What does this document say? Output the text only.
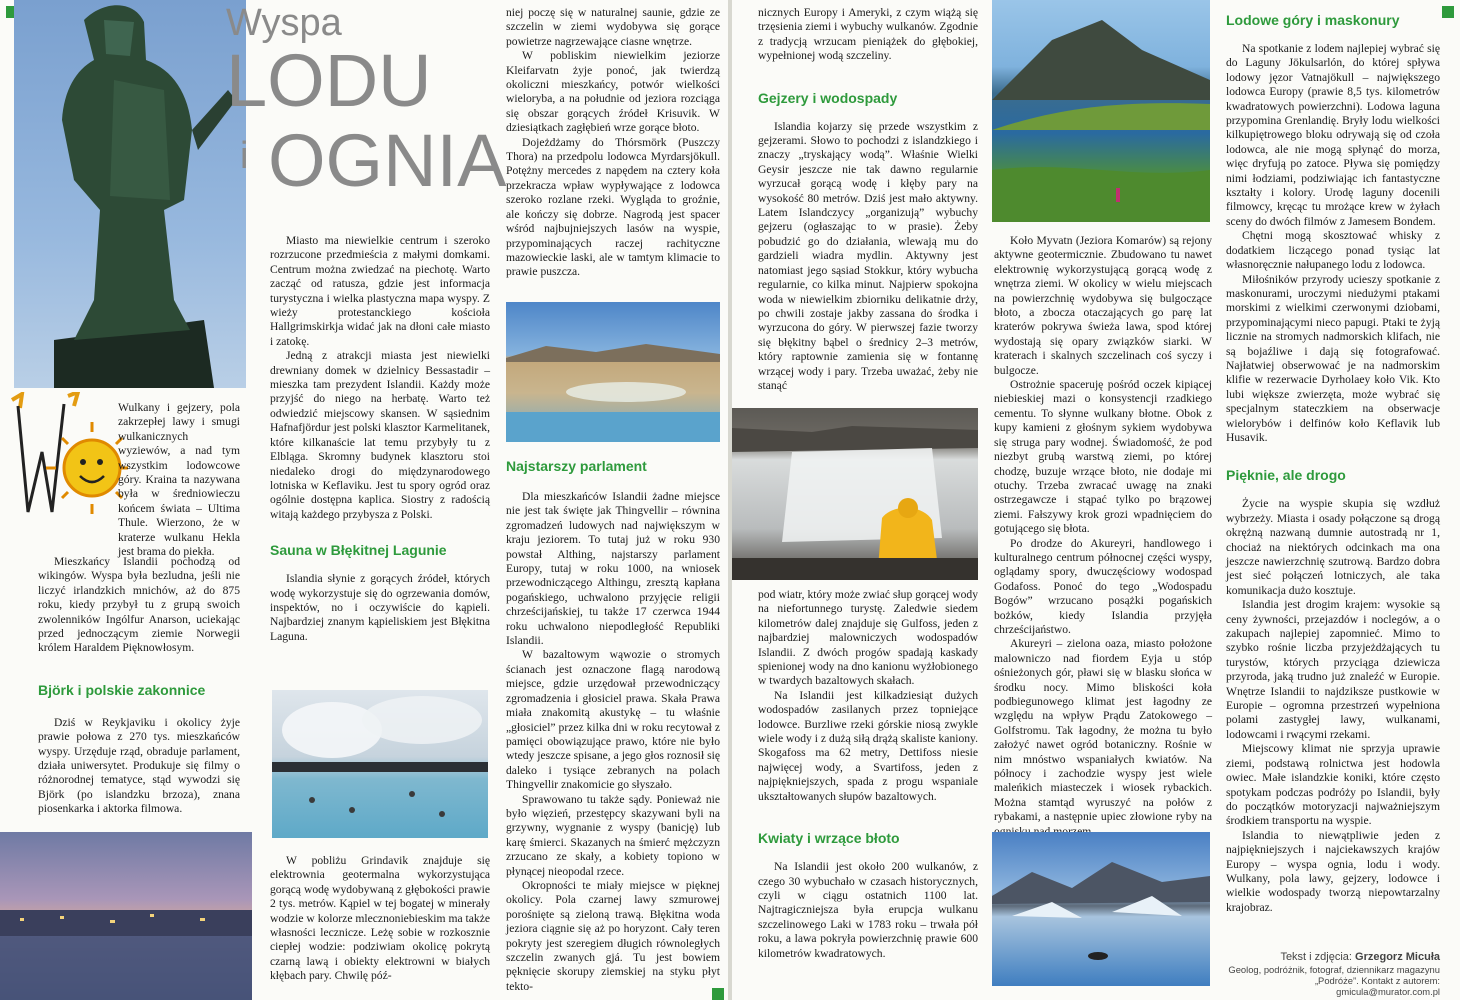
Wyspa
LODU
i OGNIA

Wulkany i gejzery, pola zakrzepłej lawy i smugi wulkanicznych wyziewów, a nad tym wszystkim lodowcowe góry. Kraina ta nazywana była w średniowieczu końcem świata – Ultima Thule. Wierzono, że w kraterze wulkanu Hekla jest brama do piekła.

Mieszkańcy Islandii pochodzą od wikingów. Wyspa była bezludna, jeśli nie liczyć irlandzkich mnichów, aż do 875 roku, kiedy przybył tu z grupą swoich zwolenników Ingólfur Anarson, uciekając przed jednoczącym ziemie Norwegii królem Haraldem Pięknowłosym.

Björk i polskie zakonnice

Dziś w Reykjaviku i okolicy żyje prawie połowa z 270 tys. mieszkańców wyspy. Urzęduje rząd, obraduje parlament, działa uniwersytet. Produkuje się filmy o różnorodnej tematyce, stąd wywodzi się Björk (po islandzku brzoza), znana piosenkarka i aktorka filmowa.

Miasto ma niewielkie centrum i szeroko rozrzucone przedmieścia z małymi domkami. Centrum można zwiedzać na piechotę. Warto zacząć od ratusza, gdzie jest informacja turystyczna i wielka plastyczna mapa wyspy. Z wieży protestanckiego kościoła Hallgrimskirkja widać jak na dłoni całe miasto i zatokę.

Jedną z atrakcji miasta jest niewielki drewniany domek w dzielnicy Bessastadir – mieszka tam prezydent Islandii. Każdy może przyjść do niego na herbatę. Warto też odwiedzić miejscowy skansen. W sąsiednim Hafnafjördur jest polski klasztor Karmelitanek, które kilkanaście lat temu przybyły tu z Elbląga. Skromny budynek klasztoru stoi niedaleko drogi do międzynarodowego lotniska w Keflaviku. Jest tu spory ogród oraz ogólnie dostępna kaplica. Siostry z radością witają każdego przybysza z Polski.

Sauna w Błękitnej Lagunie

Islandia słynie z gorących źródeł, których wodę wykorzystuje się do ogrzewania domów, inspektów, no i oczywiście do kąpieli. Najbardziej znanym kąpieliskiem jest Błękitna Laguna.

W pobliżu Grindavik znajduje się elektrownia geotermalna wykorzystująca gorącą wodę wydobywaną z głębokości prawie 2 tys. metrów. Kąpiel w tej bogatej w minerały wodzie w kolorze mlecznoniebieskim ma także własności lecznicze. Leżę sobie w rozkosznie ciepłej wodzie: podziwiam okolicę pokrytą czarną lawą i obiekty elektrowni w białych kłębach pary. Chwilę póź-

niej poczę się w naturalnej saunie, gdzie ze szczelin w ziemi wydobywa się gorące powietrze nagrzewające ciasne wnętrze.

W pobliskim niewielkim jeziorze Kleifarvatn żyje ponoć, jak twierdzą okoliczni mieszkańcy, potwór wielkości wieloryba, a na południe od jeziora rozciąga się obszar gorących źródeł Krisuvik. W dziesiątkach zagłębień wrze gorące błoto.

Dojeżdżamy do Thórsmörk (Puszczy Thora) na przedpolu lodowca Myrdarsjökull. Potężny mercedes z napędem na cztery koła przekracza wpław wypływające z lodowca szeroko rozlane rzeki. Wygląda to groźnie, ale kończy się dobrze. Nagrodą jest spacer wśród najbujniejszych lasów na wyspie, przypominających raczej rachityczne mazowieckie laski, ale w tamtym klimacie to prawie puszcza.

Najstarszy parlament

Dla mieszkańców Islandii żadne miejsce nie jest tak święte jak Thingvellir – równina zgromadzeń ludowych nad największym w kraju jeziorem. To tutaj już w roku 930 powstał Althing, najstarszy parlament Europy, tutaj w roku 1000, na wniosek przewodniczącego Althingu, zresztą kapłana pogańskiego, uchwalono przyjęcie religii chrześcijańskiej, tu także 17 czerwca 1944 roku uchwalono niepodległość Republiki Islandii.

W bazaltowym wąwozie o stromych ścianach jest oznaczone flagą narodową miejsce, gdzie urzędował przewodniczący zgromadzenia i głosiciel prawa. Skała Prawa miała znakomitą akustykę – tu właśnie „głosiciel” przez kilka dni w roku recytował z pamięci obowiązujące prawo, które nie było wtedy jeszcze spisane, a jego głos roznosił się daleko i tysiące zebranych na polach Thingvellir znakomicie go słyszało.

Sprawowano tu także sądy. Ponieważ nie było więzień, przestępcy skazywani byli na grzywny, wygnanie z wyspy (banicję) lub karę śmierci. Skazanych na śmierć mężczyzn zrzucano ze skały, a kobiety topiono w płynącej nieopodal rzece.

Okropności te miały miejsce w pięknej okolicy. Pola czarnej lawy szmurowej porośnięte są zieloną trawą. Błękitna woda jeziora ciągnie się aż po horyzont. Cały teren pokryty jest szeregiem długich równoległych szczelin zwanych gjá. Tu jest bowiem pęknięcie skorupy ziemskiej na styku płyt tekto-

nicznych Europy i Ameryki, z czym wiążą się trzęsienia ziemi i wybuchy wulkanów. Zgodnie z tradycją wrzucam pieniążek do głębokiej, wypełnionej wodą szczeliny.

Gejzery i wodospady

Islandia kojarzy się przede wszystkim z gejzerami. Słowo to pochodzi z islandzkiego i znaczy „tryskający wodą”. Właśnie Wielki Geysir jeszcze nie tak dawno regularnie wyrzucał gorącą wodę i kłęby pary na wysokość 80 metrów. Dziś jest mało aktywny. Latem Islandczycy „organizują” wybuchy gejzeru (ogłaszając to w prasie). Żeby pobudzić go do działania, wlewają mu do gardzieli wiadra mydlin. Aktywny jest natomiast jego sąsiad Stokkur, który wybucha regularnie, co kilka minut. Najpierw spokojna woda w niewielkim zbiorniku delikatnie drży, po chwili zostaje jakby zassana do środka i wyrzucona do góry. W pierwszej fazie tworzy się błękitny bąbel o średnicy 2–3 metrów, który raptownie zamienia się w fontannę wrzącej wody i pary. Trzeba uważać, żeby nie stanąć

pod wiatr, który może zwiać słup gorącej wody na niefortunnego turystę. Zaledwie siedem kilometrów dalej znajduje się Gulfoss, jeden z najbardziej malowniczych wodospadów Islandii. Z dwóch progów spadają kaskady spienionej wody na dno kanionu wyżłobionego w twardych bazaltowych skałach.

Na Islandii jest kilkadziesiąt dużych wodospadów zasilanych przez topniejące lodowce. Burzliwe rzeki górskie niosą zwykle wiele wody i z dużą siłą drążą skaliste kaniony. Skogafoss ma 62 metry, Dettifoss niesie najwięcej wody, a Svartifoss, jeden z najpiękniejszych, spada z progu wspaniale ukształtowanych słupów bazaltowych.

Kwiaty i wrzące błoto

Na Islandii jest około 200 wulkanów, z czego 30 wybuchało w czasach historycznych, czyli w ciągu ostatnich 1100 lat. Najtragiczniejsza była erupcja wulkanu szczelinowego Laki w 1783 roku – trwała pół roku, a lawa pokryła powierzchnię prawie 600 kilometrów kwadratowych.

Koło Myvatn (Jeziora Komarów) są rejony aktywne geotermicznie. Zbudowano tu nawet elektrownię wykorzystującą gorącą wodę z wnętrza ziemi. W okolicy w wielu miejscach na powierzchnię wydobywa się bulgoczące błoto, a zbocza otaczających go parę lat kraterów pokrywa świeża lawa, spod której wydostają się opary związków siarki. W kraterach i skalnych szczelinach coś syczy i bulgocze.

Ostrożnie spaceruję pośród oczek kipiącej niebieskiej mazi o konsystencji rzadkiego cementu. To słynne wulkany błotne. Obok z kupy kamieni z głośnym sykiem wydobywa się struga pary wodnej. Świadomość, że pod niezbyt grubą warstwą ziemi, po której chodzę, buzuje wrzące błoto, nie dodaje mi otuchy. Trzeba zwracać uwagę na znaki ostrzegawcze i stąpać tylko po brązowej ziemi. Fałszywy krok grozi wpadnięciem do gotującego się błota.

Po drodze do Akureyri, handlowego i kulturalnego centrum północnej części wyspy, oglądamy spory, dwuczęściowy wodospad Godafoss. Ponoć do tego „Wodospadu Bogów” wrzucano posążki pogańskich bożków, kiedy Islandia przyjęła chrześcijaństwo.

Akureyri – zielona oaza, miasto położone malowniczo nad fiordem Eyja u stóp ośnieżonych gór, pławi się w blasku słońca w środku nocy. Mimo bliskości koła podbiegunowego klimat jest łagodny ze względu na wpływ Prądu Zatokowego – Golfstromu. Tak łagodny, że można tu było założyć nawet ogród botaniczny. Rośnie w nim mnóstwo wspaniałych kwiatów. Na północy i zachodzie wyspy jest wiele maleńkich miasteczek i wiosek rybackich. Można stamtąd wyruszyć na połów z rybakami, a następnie upiec złowione ryby na

Lodowe góry i maskonury

Na spotkanie z lodem najlepiej wybrać się do Laguny Jökulsarlón, do której spływa lodowy jęzor Vatnajökull – największego lodowca Europy (prawie 8,5 tys. kilometrów kwadratowych powierzchni). Lodowa laguna przypomina Grenlandię. Bryły lodu wielkości kilkupiętrowego bloku odrywają się od czoła lodowca, ale nie mogą spłynąć do morza, więc dryfują po zatoce. Pływa się pomiędzy nimi łodziami, podziwiając ich fantastyczne kształty i kolory. Urodę laguny docenili filmowcy, kręcąc tu mrożące krew w żyłach sceny do dwóch filmów z Jamesem Bondem.

Chętni mogą skosztować whisky z dodatkiem liczącego ponad tysiąc lat własnoręcznie nałupanego lodu z lodowca.

Miłośników przyrody ucieszy spotkanie z maskonurami, uroczymi niedużymi ptakami morskimi z wielkimi czerwonymi dziobami, przypominającymi nieco papugi. Ptaki te żyją licznie na stromych nadmorskich klifach, nie są bojaźliwe i dają się fotografować. Najłatwiej obserwować je na nadmorskim klifie w rezerwacie Dyrholaey koło Vik. Kto lubi większe zwierzęta, może wybrać się specjalnym stateczkiem na obserwacje wielorybów i delfinów koło Keflavik lub Husavik.

Pięknie, ale drogo

Życie na wyspie skupia się wzdłuż wybrzeży. Miasta i osady połączone są drogą okrężną nazwaną dumnie autostradą nr 1, chociaż na niektórych odcinkach ma ona jeszcze nawierzchnię szutrową. Bardzo dobra jest sieć połączeń lotniczych, ale taka komunikacja dużo kosztuje.

Islandia jest drogim krajem: wysokie są ceny żywności, przejazdów i noclegów, a o zakupach najlepiej zapomnieć. Mimo to szybko rośnie liczba przyjeżdżających tu turystów, których przyciąga dziewicza przyroda, jaką trudno już znaleźć w Europie. Wnętrze Islandii to najdziksze pustkowie w Europie – ogromna przestrzeń wypełniona polami zastygłej lawy, wulkanami, lodowcami i rwącymi rzekami.

Miejscowy klimat nie sprzyja uprawie ziemi, podstawą rolnictwa jest hodowla owiec. Małe islandzkie koniki, które często spotykam podczas podróży po Islandii, były do początków motoryzacji najważniejszym środkiem transportu na wyspie.

Islandia to niewątpliwie jeden z najpiękniejszych i najciekawszych krajów Europy – wyspa ognia, lodu i wody. Wulkany, pola lawy, gejzery, lodowce i wielkie wodospady tworzą niepowtarzalny krajobraz.

Tekst i zdjęcia: Grzegorz Micuła
Geolog, podróżnik, fotograf, dziennikarz magazynu
„Podróże”. Kontakt z autorem: gmicula@murator.com.pl
